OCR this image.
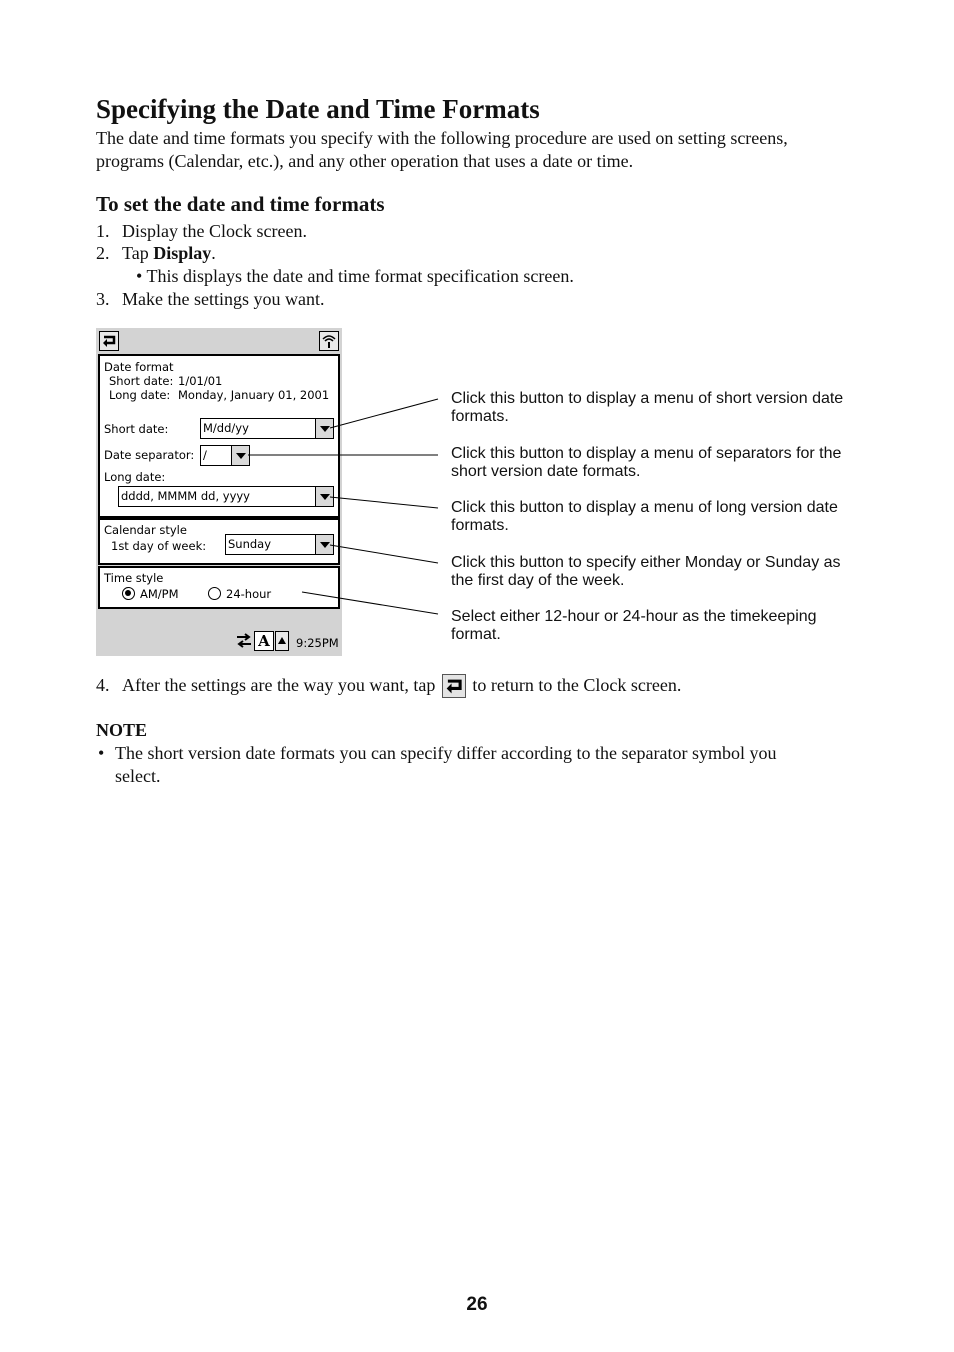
Specifying the Date and Time Formats
The date and time formats you specify with the following procedure are used on setting screens,
programs (Calendar, etc.), and any other operation that uses a date or time.
To set the date and time formats
1. Display the Clock screen.
2. Tap Display.
• This displays the date and time format specification screen.
3. Make the settings you want.
Date format
Short date: 1/01/01
Long date: Monday, January 01, 2001
Short date:	M/dd/yy
Date separator: /
Long date:
dddd, MMMM dd, yyyy
Calendar style
1st day of week: Sunday
Time style
AM/PM	24-hour
A	9:25PM
Click this button to display a menu of short version date formats.
Click this button to display a menu of separators for the short version date formats.
Click this button to display a menu of long version date formats.
Click this button to specify either Monday or Sunday as the first day of the week.
Select either 12-hour or 24-hour as the timekeeping format.
4. After the settings are the way you want, tap to return to the Clock screen.
NOTE
• The short version date formats you can specify differ according to the separator symbol you
select.
26
